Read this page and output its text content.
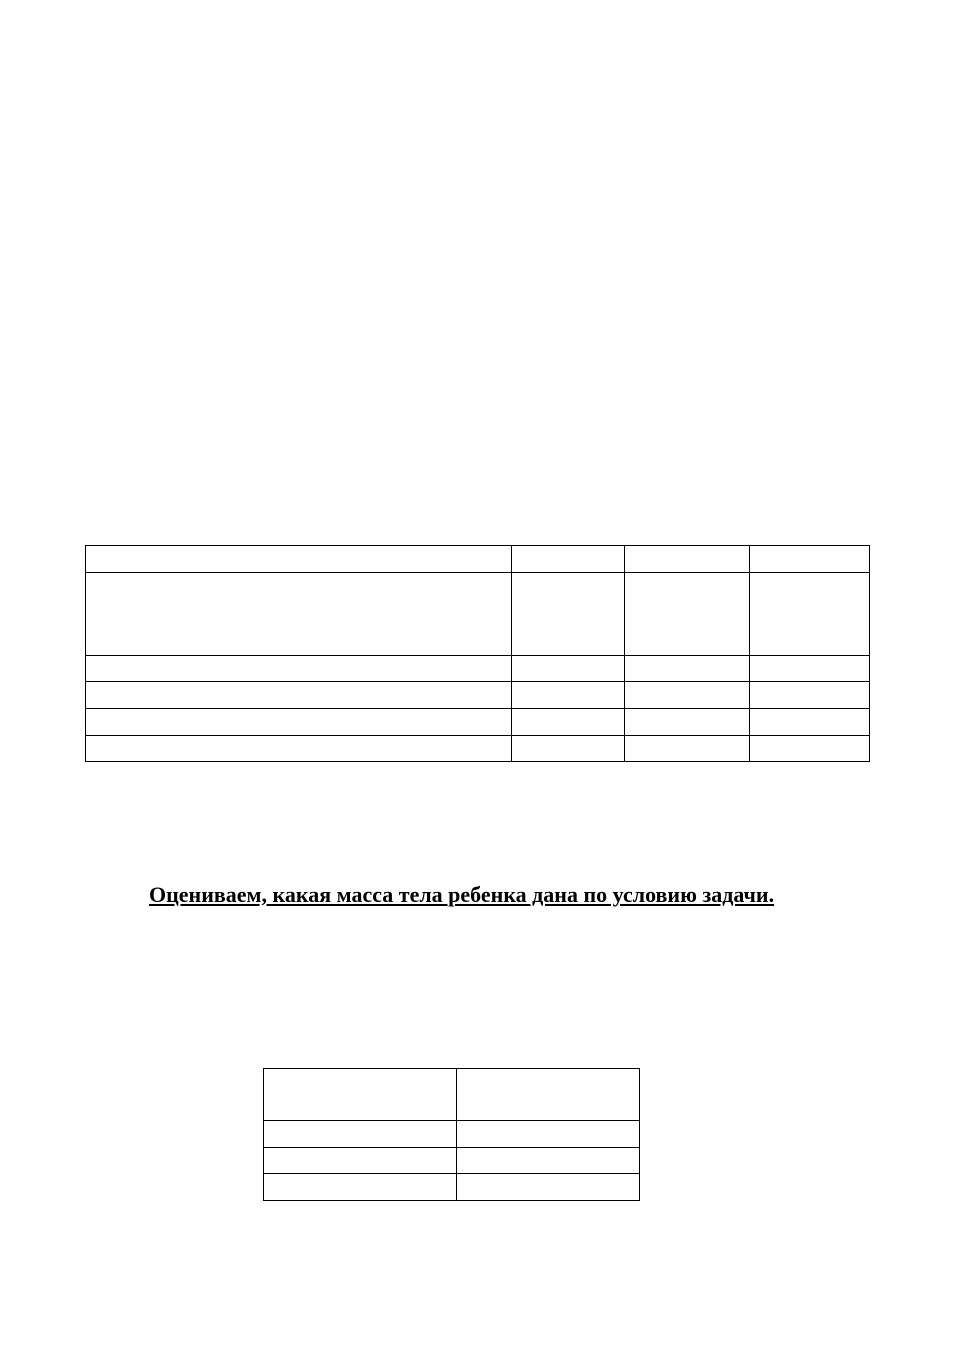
Оцениваем, какая масса тела ребенка дана по условию задачи.
